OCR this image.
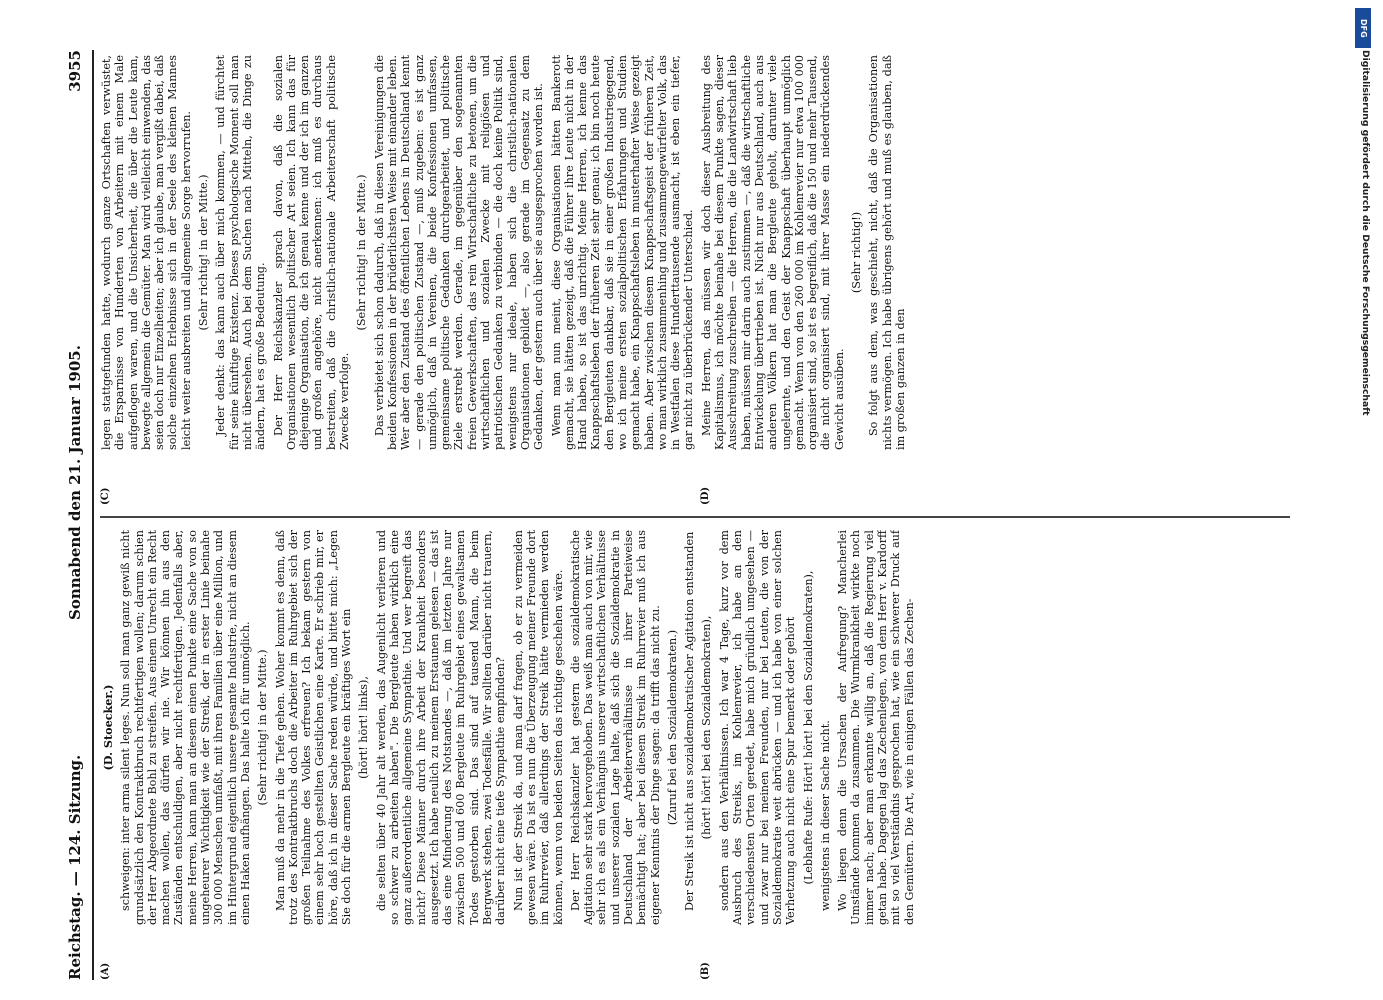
Reichstag. — 124. Sitzung.
Sonnabend den 21. Januar 1905.
3955
(A)	(B)
(C)	(D)

(D. Stoecker.) schweigen: inter arma silent leges. Nun soll man ganz gewiß nicht grundsätzlich den Kontraktbruch rechtfertigen wollen; darum schien der Herr Abgeordnete Bohl zu streifen. Aus einem Unrecht ein Recht machen wollen, das dürfen wir nie. Wir können ihn aus den Zuständen entschuldigen, aber nicht rechtfertigen. Jedenfalls aber, meine Herren, kann man an diesem einen Punkte eine Sache von so ungeheurer Wichtigkeit wie der Streik, der in erster Linie beinahe 300 000 Menschen umfaßt, mit ihren Familien über eine Million, und im Hintergrund eigentlich unsere gesamte Industrie, nicht an diesem einen Haken aufhängen. Das halte ich für unmöglich. (Sehr richtig! in der Mitte.) Man muß da mehr in die Tiefe gehen. Woher kommt es denn, daß trotz des Kontraktbruchs doch die Arbeiter im Ruhrgebiet sich der großen Teilnahme des Volkes erfreuen? Ich bekam gestern von einem sehr hoch gestellten Geistlichen eine Karte. Er schrieb mir, er höre, daß ich in dieser Sache reden würde, und bittet mich: „Legen Sie doch für die armen Bergleute ein kräftiges Wort ein (hört! hört! links), die selten über 40 Jahr alt werden, das Augenlicht verlieren und so schwer zu arbeiten haben". Die Bergleute haben wirklich eine ganz außerordentliche allgemeine Sympathie. Und wer begreift das nicht? Diese Männer durch ihre Arbeit der Krankheit besonders ausgesetzt. Ich habe neulich zu meinem Erstaunen gelesen — das ist das eine Minderung des Notstandes —, daß im letzten Jahre nur zwischen 500 und 600 Bergleute im Ruhrgebiet eines gewaltsamen Todes gestorben sind. Das sind auf tausend Mann, die beim Bergwerk stehen, zwei Todesfälle. Wir sollten darüber nicht trauern, darüber nicht eine tiefe Sympathie empfinden? Nun ist der Streik da, und man darf fragen, ob er zu vermeiden gewesen wäre. Da ist es nun die Überzeugung meiner Freunde dort im Ruhrrevier, daß allerdings der Streik hätte vermieden werden können, wenn von beiden Seiten das richtige geschehen wäre. Der Herr Reichskanzler hat gestern die sozialdemokratische Agitation sehr stark hervorgehoben. Das weiß man auch von mir, wie sehr ich es als ein Verhängnis unserer wirtschaftlichen Verhältnisse und unserer sozialen Lage halte, daß sich die Sozialdemokratie in Deutschland der Arbeiterverhältnisse in ihrer Parteiweise bemächtigt hat; aber bei diesem Streik im Ruhrrevier muß ich aus eigener Kenntnis der Dinge sagen: da trifft das nicht zu. (Zuruf bei den Sozialdemokraten.) Der Streik ist nicht aus sozialdemokratischer Agitation entstanden (hört! hört! bei den Sozialdemokraten), sondern aus den Verhältnissen. Ich war 4 Tage, kurz vor dem Ausbruch des Streiks, im Kohlenrevier, ich habe an den verschiedensten Orten geredet, habe mich gründlich umgesehen — und zwar nur bei meinen Freunden, nur bei Leuten, die von der Sozialdemokratie weit abrücken — und ich habe von einer solchen Verhetzung auch nicht eine Spur bemerkt oder gehört (Lebhafte Rufe: Hört! hört! bei den Sozialdemokraten), wenigstens in dieser Sache nicht. Wo liegen denn die Ursachen der Aufregung? Mancherlei Umstände kommen da zusammen. Die Wurmkrankheit wirkte noch immer nach; aber man erkannte willig an, daß die Regierung viel getan habe. Dagegen lag das Zechenlegen, von dem Herr v. Kardorff mit so viel Verständnis gesprochen hat, wie ein schwerer Druck auf den Gemütern. Die Art, wie in einigen Fällen das Zechen-

legen stattgefunden hatte, wodurch ganze Ortschaften verwüstet, die Ersparnisse von Hunderten von Arbeitern mit einem Male aufgeflogen waren, und die Unsicherheit, die über die Leute kam, bewegte allgemein die Gemüter. Man wird vielleicht einwenden, das seien doch nur Einzelheiten; aber ich glaube, man vergißt dabei, daß solche einzelnen Erlebnisse sich in der Seele des kleinen Mannes leicht weiter ausbreiten und allgemeine Sorge hervorrufen. (Sehr richtig! in der Mitte.) Jeder denkt: das kann auch über mich kommen, — und fürchtet für seine künftige Existenz. Dieses psychologische Moment soll man nicht übersehen. Auch bei dem Suchen nach Mitteln, die Dinge zu ändern, hat es große Bedeutung. Der Herr Reichskanzler sprach davon, daß die sozialen Organisationen wesentlich politischer Art seien. Ich kann das für diejenige Organisation, die ich genau kenne und der ich im ganzen und großen angehöre, nicht anerkennen: ich muß es durchaus bestreiten, daß die christlich-nationale Arbeiterschaft politische Zwecke verfolge.

(Sehr richtig! in der Mitte.) Das verbietet sich schon dadurch, daß in diesen Vereinigungen die beiden Konfessionen in der brüderlichsten Weise mit einander leben. Wer aber den Zustand des öffentlichen Lebens in Deutschland kennt — gerade den politischen Zustand —, muß zugeben: es ist ganz unmöglich, daß in Vereinen, die beide Konfessionen umfassen, gemeinsame politische Gedanken durchgearbeitet, und politische Ziele erstrebt werden. Gerade, im gegenüber den sogenannten freien Gewerkschaften, das rein Wirtschaftliche zu betonen, um die wirtschaftlichen und sozialen Zwecke mit religiösen und patriotischen Gedanken zu verbinden — die doch keine Politik sind, wenigstens nur ideale, haben sich die christlich-nationalen Organisationen gebildet —, also gerade im Gegensatz zu dem Gedanken, der gestern auch über sie ausgesprochen worden ist. Wenn man nun meint, diese Organisationen hätten Bankerott gemacht, sie hätten gezeigt, daß die Führer ihre Leute nicht in der Hand haben, so ist das unrichtig. Meine Herren, ich kenne das Knappschaftsleben der früheren Zeit sehr genau; ich bin noch heute den Bergleuten dankbar, daß sie in einer großen Industriegegend, wo ich meine ersten sozialpolitischen Erfahrungen und Studien gemacht habe, ein Knappschaftsleben in musterhafter Weise gezeigt haben. Aber zwischen diesem Knappschaftsgeist der früheren Zeit, wo man wirklich zusammenhing und zusammengewürfelter Volk, das in Westfalen diese Hunderttausende ausmacht, ist eben ein tiefer, gar nicht zu überbrückender Unterschied. Meine Herren, das müssen wir doch dieser Ausbreitung des Kapitalismus, ich möchte beinahe bei diesem Punkte sagen, dieser Ausschreitung zuschreiben — die Herren, die die Landwirtschaft lieb haben, müssen mir darin auch zustimmen —, daß die wirtschaftliche Entwickelung übertrieben ist. Nicht nur aus Deutschland, auch aus anderen Völkern hat man die Bergleute geholt, darunter viele ungelernte, und den Geist der Knappschaft überhaupt unmöglich gemacht. Wenn von den 260 000 im Kohlenrevier nur etwa 100 000 organisiert sind, so ist es begreiflich, daß die 150 und mehr Tausend, die nicht organisiert sind, mit ihrer Masse ein niederdrückendes Gewicht ausüben.

(Sehr richtig!) So folgt aus dem, was geschieht, nicht, daß die Organisationen nichts vermögen. Ich habe übrigens gehört und muß es glauben, daß im großen ganzen in den

DFG
Digitalisierung gefördert durch die Deutsche Forschungsgemeinschaft
